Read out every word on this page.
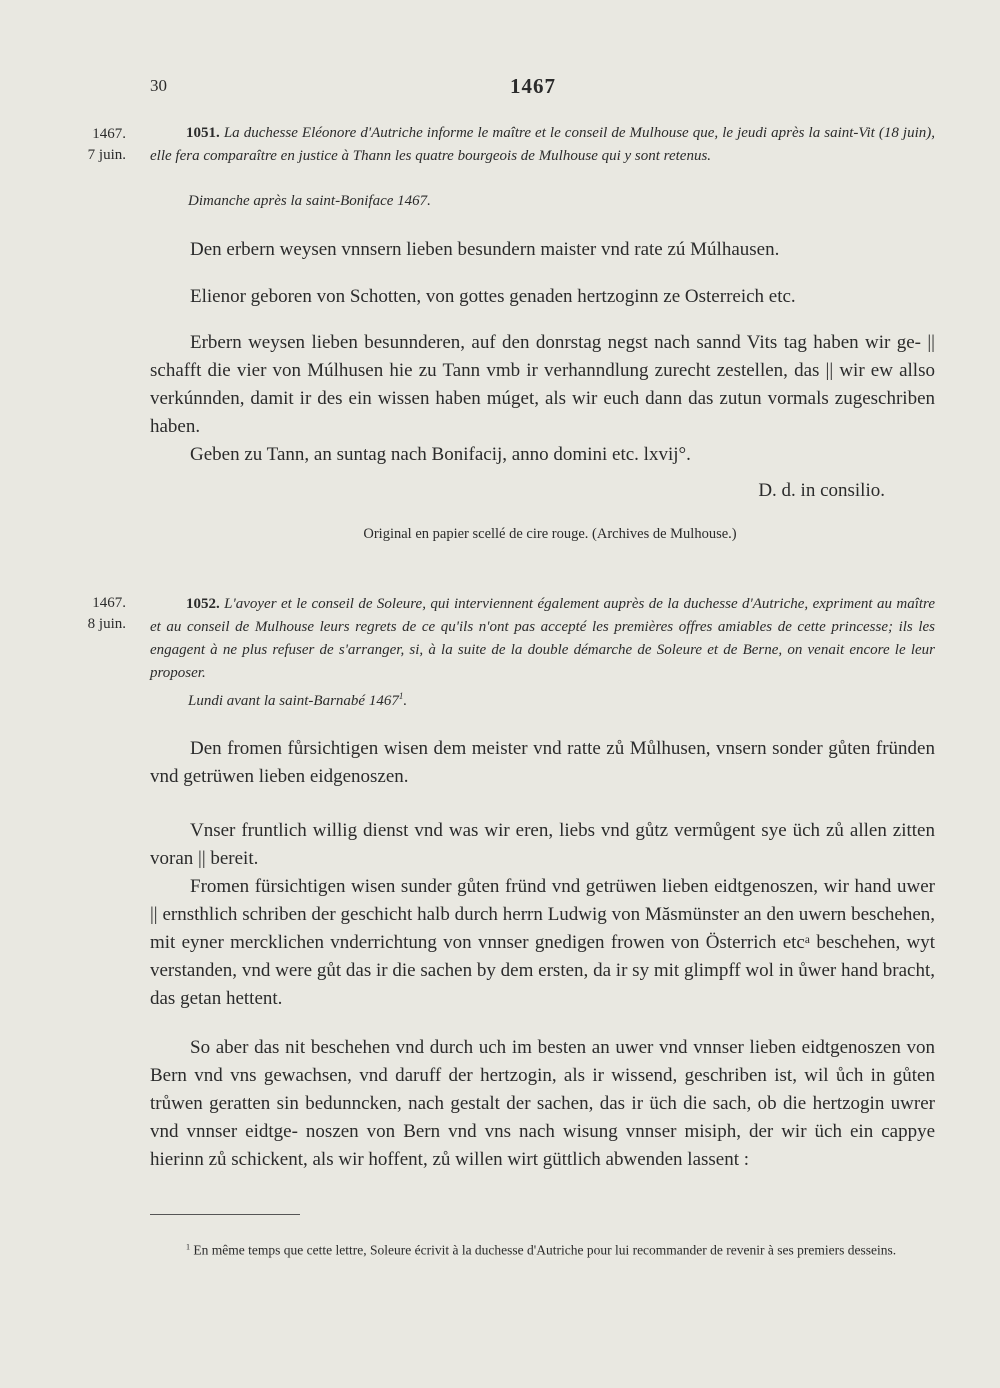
30	1467
1467.
7 juin.
1051. La duchesse Eléonore d'Autriche informe le maître et le conseil de Mulhouse que, le jeudi après la saint-Vit (18 juin), elle fera comparaître en justice à Thann les quatre bourgeois de Mulhouse qui y sont retenus.
Dimanche après la saint-Boniface 1467.
Den erbern weysen vnnsern lieben besundern maister vnd rate zú Múlhausen.
Elienor geboren von Schotten, von gottes genaden hertzoginn ze Osterreich etc.
Erbern weysen lieben besunnderen, auf den donrstag negst nach sannd Vits tag haben wir ge- || schafft die vier von Múlhusen hie zu Tann vmb ir verhanndlung zurecht zestellen, das || wir ew allso verkúnnden, damit ir des ein wissen haben múget, als wir euch dann das zutun vormals zugeschriben haben.
Geben zu Tann, an suntag nach Bonifacij, anno domini etc. lxvij°.
D. d. in consilio.
Original en papier scellé de cire rouge. (Archives de Mulhouse.)
1467.
8 juin.
1052. L'avoyer et le conseil de Soleure, qui interviennent également auprès de la duchesse d'Autriche, expriment au maître et au conseil de Mulhouse leurs regrets de ce qu'ils n'ont pas accepté les premières offres amiables de cette princesse; ils les engagent à ne plus refuser de s'arranger, si, à la suite de la double démarche de Soleure et de Berne, on venait encore le leur proposer.
Lundi avant la saint-Barnabé 1467$^1$.
Den fromen fůrsichtigen wisen dem meister vnd ratte zů Můlhusen, vnsern sonder gůten fründen vnd getrüwen lieben eidgenoszen.
Vnser fruntlich willig dienst vnd was wir eren, liebs vnd gůtz vermůgent sye üch zů allen zitten voran || bereit.
Fromen fürsichtigen wisen sunder gůten fründ vnd getrüwen lieben eidtgenoszen, wir hand uwer || ernsthlich schriben der geschicht halb durch herrn Ludwig von Măsmünster an den uwern beschehen, mit eyner mercklichen vnderrichtung von vnnser gnedigen frowen von Österrich etcᵃ beschehen, wyt verstanden, vnd were gůt das ir die sachen by dem ersten, da ir sy mit glimpff wol in ůwer hand bracht, das getan hettent.
So aber das nit beschehen vnd durch uch im besten an uwer vnd vnnser lieben eidtgenoszen von Bern vnd vns gewachsen, vnd daruff der hertzogin, als ir wissend, geschriben ist, wil ůch in gůten trůwen geratten sin bedunncken, nach gestalt der sachen, das ir üch die sach, ob die hertzogin uwrer vnd vnnser eidtge- noszen von Bern vnd vns nach wisung vnnser misiph, der wir üch ein cappye hierinn zů schickent, als wir hoffent, zů willen wirt güttlich abwenden lassent :
$^1$ En même temps que cette lettre, Soleure écrivit à la duchesse d'Autriche pour lui recommander de revenir à ses premiers desseins.
